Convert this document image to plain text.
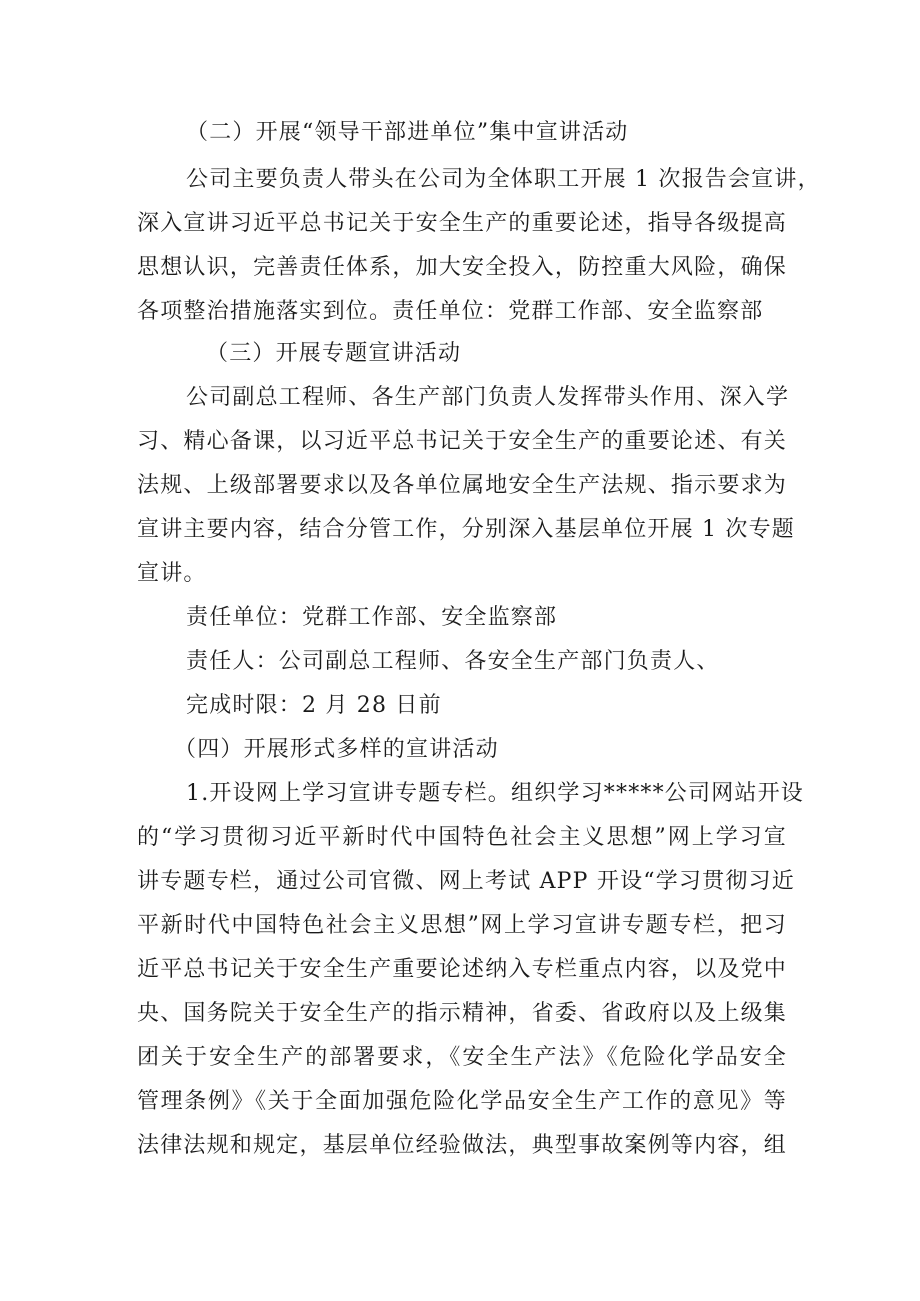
（二）开展“领导干部进单位”集中宣讲活动
公司主要负责人带头在公司为全体职工开展 1 次报告会宣讲，
深入宣讲习近平总书记关于安全生产的重要论述，指导各级提高
思想认识，完善责任体系，加大安全投入，防控重大风险，确保
各项整治措施落实到位。责任单位：党群工作部、安全监察部
（三）开展专题宣讲活动
公司副总工程师、各生产部门负责人发挥带头作用、深入学
习、精心备课，以习近平总书记关于安全生产的重要论述、有关
法规、上级部署要求以及各单位属地安全生产法规、指示要求为
宣讲主要内容，结合分管工作，分别深入基层单位开展 1 次专题
宣讲。
责任单位：党群工作部、安全监察部
责任人：公司副总工程师、各安全生产部门负责人、
完成时限：2 月 28 日前
（四）开展形式多样的宣讲活动
1.开设网上学习宣讲专题专栏。组织学习*****公司网站开设
的“学习贯彻习近平新时代中国特色社会主义思想”网上学习宣
讲专题专栏，通过公司官微、网上考试 APP 开设“学习贯彻习近
平新时代中国特色社会主义思想”网上学习宣讲专题专栏，把习
近平总书记关于安全生产重要论述纳入专栏重点内容，以及党中
央、国务院关于安全生产的指示精神，省委、省政府以及上级集
团关于安全生产的部署要求，《安全生产法》《危险化学品安全
管理条例》《关于全面加强危险化学品安全生产工作的意见》等
法律法规和规定，基层单位经验做法，典型事故案例等内容，组
